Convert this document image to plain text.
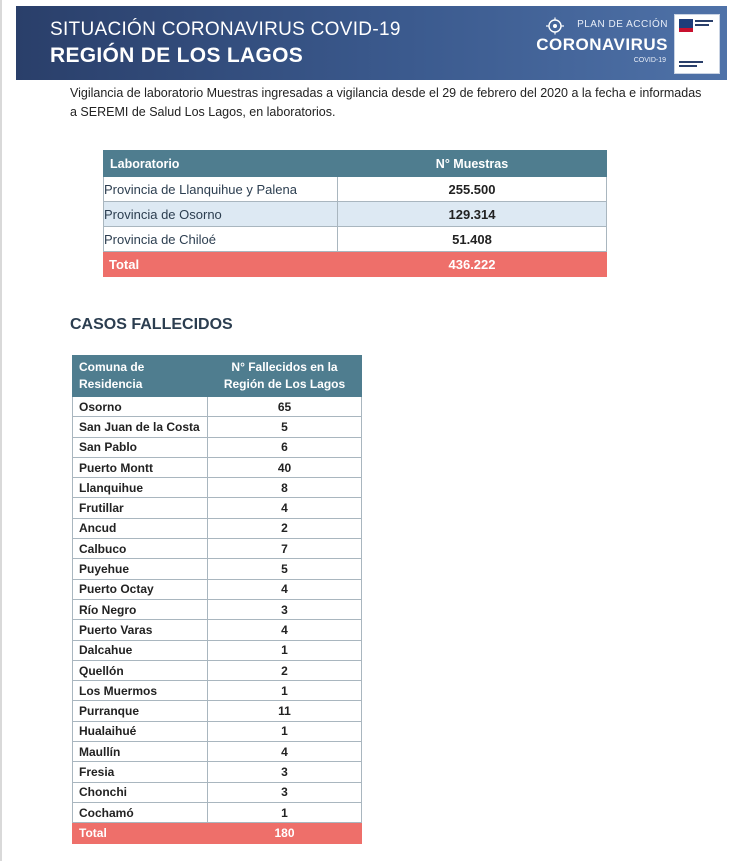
SITUACIÓN CORONAVIRUS COVID-19
REGIÓN DE LOS LAGOS
PLAN DE ACCIÓN
CORONAVIRUS
COVID-19
Vigilancia de laboratorio Muestras ingresadas a vigilancia desde el 29 de febrero del 2020 a la fecha e informadas a SEREMI de Salud Los Lagos, en laboratorios.
Laboratorio	N° Muestras
Provincia de Llanquihue y Palena	255.500
Provincia de Osorno	129.314
Provincia de Chiloé	51.408
Total	436.222
CASOS FALLECIDOS
Comuna de Residencia	N° Fallecidos en la Región de Los Lagos
Osorno	65
San Juan de la Costa	5
San Pablo	6
Puerto Montt	40
Llanquihue	8
Frutillar	4
Ancud	2
Calbuco	7
Puyehue	5
Puerto Octay	4
Río Negro	3
Puerto Varas	4
Dalcahue	1
Quellón	2
Los Muermos	1
Purranque	11
Hualaihué	1
Maullín	4
Fresia	3
Chonchi	3
Cochamó	1
Total	180
